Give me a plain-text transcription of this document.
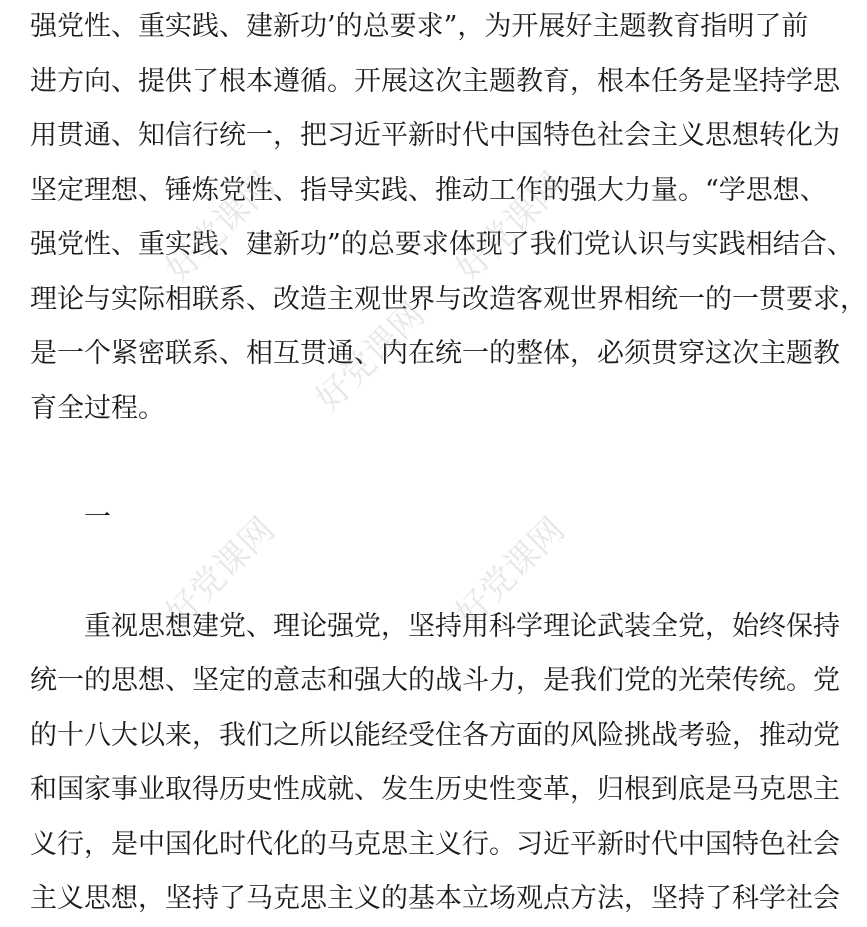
强党性、重实践、建新功’的总要求”，为开展好主题教育指明了前
进方向、提供了根本遵循。开展这次主题教育，根本任务是坚持学思
用贯通、知信行统一，把习近平新时代中国特色社会主义思想转化为
坚定理想、锤炼党性、指导实践、推动工作的强大力量。“学思想、
强党性、重实践、建新功”的总要求体现了我们党认识与实践相结合、
理论与实际相联系、改造主观世界与改造客观世界相统一的一贯要求，
是一个紧密联系、相互贯通、内在统一的整体，必须贯穿这次主题教
育全过程。
一
重视思想建党、理论强党，坚持用科学理论武装全党，始终保持
统一的思想、坚定的意志和强大的战斗力，是我们党的光荣传统。党
的十八大以来，我们之所以能经受住各方面的风险挑战考验，推动党
和国家事业取得历史性成就、发生历史性变革，归根到底是马克思主
义行，是中国化时代化的马克思主义行。习近平新时代中国特色社会
主义思想，坚持了马克思主义的基本立场观点方法，坚持了科学社会
好党课网	好党课网
好党课网
好党课网	好党课网
